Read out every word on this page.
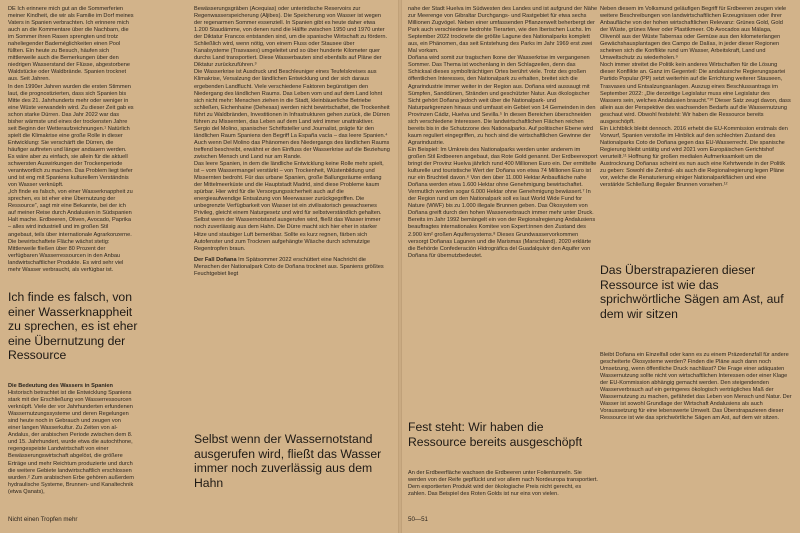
DE Ich erinnere mich gut an die Sommerferien meiner Kindheit, die wir als Familie im Dorf meines Vaters in Spanien verbrachten. Ich erinnere mich auch an die Kommentare über die Nachbarn, die im Sommer ihren Rasen sprengten und trotz naheliegender Bademéglichkeiten einen Pool füllten. Ein heute zu Besuch, häufen sich mittlerweile auch die Bemerkungen über den niedrigen Wasserstand der Flüsse, abgestorbene Waldstücke oder Waldbrände. Spanien trocknet aus. Seit Jahren.

In den 1990er Jahren wurden die ersten Stimmen laut, die prognostizierten, dass sich Spanien bis Mitte des 21. Jahrhunderts mehr oder weniger in eine Wüste verwandeln wird. Zu dieser Zeit gab es schon starke Dürren. Das Jahr 2022 war das bisher wärmste und eines der trockensten Jahre seit Beginn der Wetteraufzeichnungen.¹ Natürlich spielt die Klimakrise eine große Rolle in dieser Entwicklung: Sie verschärft die Dürren, die häufiger auftreten und länger andauern werden. Es wäre aber zu einfach, sie allein für die aktuell schwersten Auswirkungen der Trockenperiode verantwortlich zu machen. Das Problem liegt tiefer und ist eng mit Spaniens kulturellem Verständnis von Wasser verknüpft.

„Ich finde es falsch, von einer Wasserknappheit zu sprechen, es ist eher eine Übernutzung der Ressource“, sagt mir eine Bekannte, bei der ich auf meiner Reise durch Andalusien in Südspanien Halt mache. Erdbeeren, Oliven, Avocado, Paprika – alles wird industriell und im großen Stil angebaut, teils über internationale Agrarkonzerne. Die bewirtschaftete Fläche wächst stetig: Mittlerweile fließen über 80 Prozent der verfügbaren Wasserressourcen in den Anbau landwirtschaftlicher Produkte. Es wird sehr viel mehr Wasser verbraucht, als verfügbar ist.

Ich finde es falsch, von einer Wasserknappheit zu sprechen, es ist eher eine Übernutzung der Ressource

Die Bedeutung des Wassers in Spanien Historisch betrachtet ist die Entwicklung Spaniens stark mit der Erschließung von Wasserressourcen verknüpft. Viele der vor Jahrhunderten erfundenen Wassernutzungssysteme und deren Regelungen sind heute noch in Gebrauch und zeugen von einer langen Wasserkultur. Zu Zeiten von al-Andalus, der arabischen Periode zwischen dem 8. und 15. Jahrhundert, wurde etwa die autochthone, regengespeiste Landwirtschaft von einer Bewässerungswirtschaft abgelöst, die größere Erträge und mehr Reichtum produzierte und durch die weitere Gebiete landwirtschaftlich erschlossen wurden.² Zum arabischen Erbe gehören außerdem hydraulische Systeme, Brunnen- und Kanaltechnik (etwa Qanats),

Bewässerungsgräben (Acequias) oder unterirdische Reservoirs zur Regenwasserspeicherung (Aljibes). Die Speicherung von Wasser ist wegen der regenarmen Sommer essenziell. In Spanien gibt es heute daher etwa 1.200 Staudämme, von denen rund die Hälfte zwischen 1950 und 1970 unter der Diktatur Francos entstanden sind, um die spanische Wirtschaft zu fördern. Schließlich wird, wenn nötig, von einem Fluss oder Stausee über Kanalsysteme (Trasvases) umgeleitet und so über hunderte Kilometer quer durchs Land transportiert. Diese Wasserbauten sind ebenfalls auf Pläne der Diktatur zurückzuführen.³

Die Wasserkrise ist Ausdruck und Beschleuniger eines Teufelskreises aus Klimakrise, Versalzung der ländlichen Entwicklung und der sich daraus ergebenden Landflucht. Viele verschiedene Faktoren begünstigen den Niedergang des ländlichen Raums. Das Leben vom und auf dem Land lohnt sich nicht mehr: Menschen ziehen in die Stadt, kleinbäuerliche Betriebe schließen, Eichenhaine (Dehesas) werden nicht bewirtschaftet, die Trockenheit führt zu Waldbränden, Investitionen in Infrastrukturen gehen zurück, die Dürren führen zu Missernten, das Leben auf dem Land wird immer unattraktiver.

Sergio del Molino, spanischer Schriftsteller und Journalist, prägte für den ländlichen Raum Spaniens den Begriff La España vacía – das leere Spanien.⁴ Auch wenn Del Molino das Phänomen des Niedergangs des ländlichen Raums treffend beschreibt, erwähnt er den Einfluss der Wasserkrise auf die Beziehung zwischen Mensch und Land nur am Rande.

Das leere Spanien, in dem die ländliche Entwicklung keine Rolle mehr spielt, ist – vom Wassermangel verstärkt – von Trockenheit, Wüstenbildung und Missernten bedroht. Für das urbane Spanien, große Ballungsräume entlang der Mittelmeerküste und die Hauptstadt Madrid, sind diese Probleme kaum spürbar. Hier wird für die Versorgungssicherheit auch auf die energieaufwendige Entsalzung von Meerwasser zurückgegriffen. Die unbegrenzte Verfügbarkeit von Wasser ist ein zivilisatorisch gewachsenes Privileg, gleicht einem Naturgesetz und wird für selbstverständlich gehalten. Selbst wenn der Wassernotstand ausgerufen wird, fließt das Wasser immer noch zuverlässig aus dem Hahn. Die Dürre macht sich hier eher in starker Hitze und staubiger Luft bemerkbar. Sollte es kurz regnen, färben sich Autofenster und zum Trocknen aufgehängte Wäsche durch schmutzige Regentropfen braun.

Der Fall Doñana Im Spätsommer 2022 erschüttert eine Nachricht die Menschen der Nationalpark Coto de Doñana trocknet aus. Spaniens größtes Feuchtgebiet liegt

Selbst wenn der Wassernotstand ausgerufen wird, fließt das Wasser immer noch zuverlässig aus dem Hahn
Nicht einen Tropfen mehr

nahe der Stadt Huelva im Südwesten des Landes und ist aufgrund der Nähe zur Meerenge von Gibraltar Durchgangs- und Rastgebiet für etwa sechs Millionen Zugvögel. Neben einer umfassenden Pflanzenwelt beherbergt der Park auch verschiedene bedrohte Tierarten, wie den Iberischen Luchs. Im September 2022 trocknete die größte Lagune des Nationalparks komplett aus, ein Phänomen, das seit Entstehung des Parks im Jahr 1969 erst zwei Mal vorkam.

Doñana wird somit zur tragischen Ikone der Wasserkrise im vergangenen Sommer. Das Thema ist wochenlang in den Schlagzeilen, denn das Schicksal dieses symbolträchtigen Ortes berührt viele. Trotz des großen öffentlichen Interesses, den Nationalpark zu erhalten, breitet sich die Agrarindustrie immer weiter in der Region aus. Doñana wird aussaugt mit Sümpfen, Sanddünen, Stränden und geschützter Natur. Aus ökologischer Sicht gehört Doñana jedoch weit über die Nationalpark- und Naturparkgrenzen hinaus und umfasst ein Gebiet von 14 Gemeinden in den Provinzen Cádiz, Huelva und Sevilla.⁵ In diesen Bereichen überschneiden sich verschiedene Interessen. Die landwirtschaftlichen Flächen reichen bereits bis in die Schutzzone des Nationalparks. Auf politischer Ebene wird kaum reguliert eingegriffen, zu hoch sind die wirtschaftlichen Gewinne der Agrarindustrie.

Ein Beispiel: Im Umkreis des Nationalparks werden unter anderem im großen Stil Erdbeeren angebaut, das Rote Gold genannt. Der Erdbeerexport bringt der Provinz Huelva jährlich rund 400 Millionen Euro ein. Der ermittelte kulturelle und touristische Wert der Doñana von etwa 74 Millionen Euro ist nur ein Bruchteil davon.⁶ Von den über 11.000 Hektar Anbaufläche nahe Doñana werden etwa 1.600 Hektar ohne Genehmigung bewirtschaftet. Vermutlich werden sogar 6.000 Hektar ohne Genehmigung bewässert.⁷ In der Region rund um den Nationalpark soll es laut World Wide Fund for Nature (WWF) bis zu 1.000 illegale Brunnen geben. Das Ökosystem von Doñana greift durch den hohen Wasserverbrauch immer mehr unter Druck. Bereits im Jahr 1992 bemängelt ein von der Regionalregierung Andalusiens beauftragtes internationales Komitee von Expert:innen den Zustand des 2.900 km² großen Aquifersystems.⁸ Dieses Grundwasservorkommen versorgt Doñanas Lagunen und die Marismas (Marschland). 2020 erklärte die Behörde Confederación Hidrográfica del Guadalquivir den Aquifer von Doñana für übernutzbedeutet.

Fest steht: Wir haben die Ressource bereits ausgeschöpft

An der Erdbeerfläche wachsen die Erdbeeren unter Folientunneln. Sie werden von der Reife gepflückt und vor allem nach Nordeuropa transportiert. Dem exportierten Produkt wird der ökologische Preis nicht gerecht, es zahlen. Das Beispiel des Roten Golds ist nur eins von vielen.

Neben diesem im Volksmund geläufigen Begriff für Erdbeeren zeugen viele weitere Beschreibungen von landwirtschaftlichen Erzeugnissen oder ihrer Anbaufläche von der hohen wirtschaftlichen Relevanz: Grünes Gold, Gold der Wüste, grünes Meer oder Plastikmeer. Ob Avocados aus Málaga, Olivenöl aus der Wüste Tabernas oder Gemüse aus den kilometerlangen Gewächshausplantagen des Campo de Dalías, in jeder dieser Regionen scheinen sich die Konflikte rund um Wasser, Arbeitskraft, Land und Umweltschutz zu wiederholen.⁹

Noch immer streitet die Politik kein anderes Wirtschaften für die Lösung dieser Konflikte an. Ganz im Gegenteil: Die andalusische Regierungspartei Partido Popular (PP) setzt weiterhin auf die Errichtung weiterer Stauseen, Trasvases und Entsalzungsanlagen. Auszug eines Beschlussantrags im September 2022: „Die derzeitige Legislatur muss eine Legislatur des Wassers sein, welches Andalusien braucht.“¹⁰ Dieser Satz zeugt davon, dass allein aus der Perspektive des wachsenden Bedarfs auf die Wassernutzung geschaut wird. Obwohl feststeht: Wir haben die Ressource bereits ausgeschöpft.

Ein Lichtblick bleibt dennoch. 2016 erhebt die EU-Kommission erstmals den Vorwurf, Spanien verstoße im Hinblick auf den schlechten Zustand des Nationalparks Coto de Doñana gegen das EU-Wasserrecht. Die spanische Regierung bleibt untätig und wird 2021 vom Europäischen Gerichtshof verurteilt.¹¹ Hoffnung für großen medialen Aufmerksamkeit um die Austrocknung Doñanas scheint es nun auch eine Kehrtwende in der Politik zu geben: Sowohl die Zentral- als auch die Regionalregierung legen Pläne vor, welche die Renaturierung einiger Nationalparkflächen und eine verstärkte Schließung illegaler Brunnen vorsehen.¹²

Das Überstrapazieren dieser Ressource ist wie das sprichwörtliche Sägen am Ast, auf dem wir sitzen

Bleibt Doñana ein Einzelfall oder kann es zu einem Präzedenzfall für andere gescheiterte Ökosysteme werden? Finden die Pläne auch dann noch Umsetzung, wenn öffentliche Druck nachlässt? Die Frage einer adäquaten Wassernutzung sollte nicht von wirtschaftlichen Interessen oder einer Klage der EU-Kommission abhängig gemacht werden. Den steigendenden Wasserverbrauch auf ein geringeres ökologisch verträgliches Maß der Wassernutzung zu machen, gefährdet das Leben von Mensch und Natur. Der Wasser ist sowohl Grundlage der Wirtschaft Andalusiens als auch Voraussetzung für eine lebenswerte Umwelt. Das Überstrapazieren dieser Ressource ist wie das sprichwörtliche Sägen am Ast, auf dem wir sitzen.

50—51
